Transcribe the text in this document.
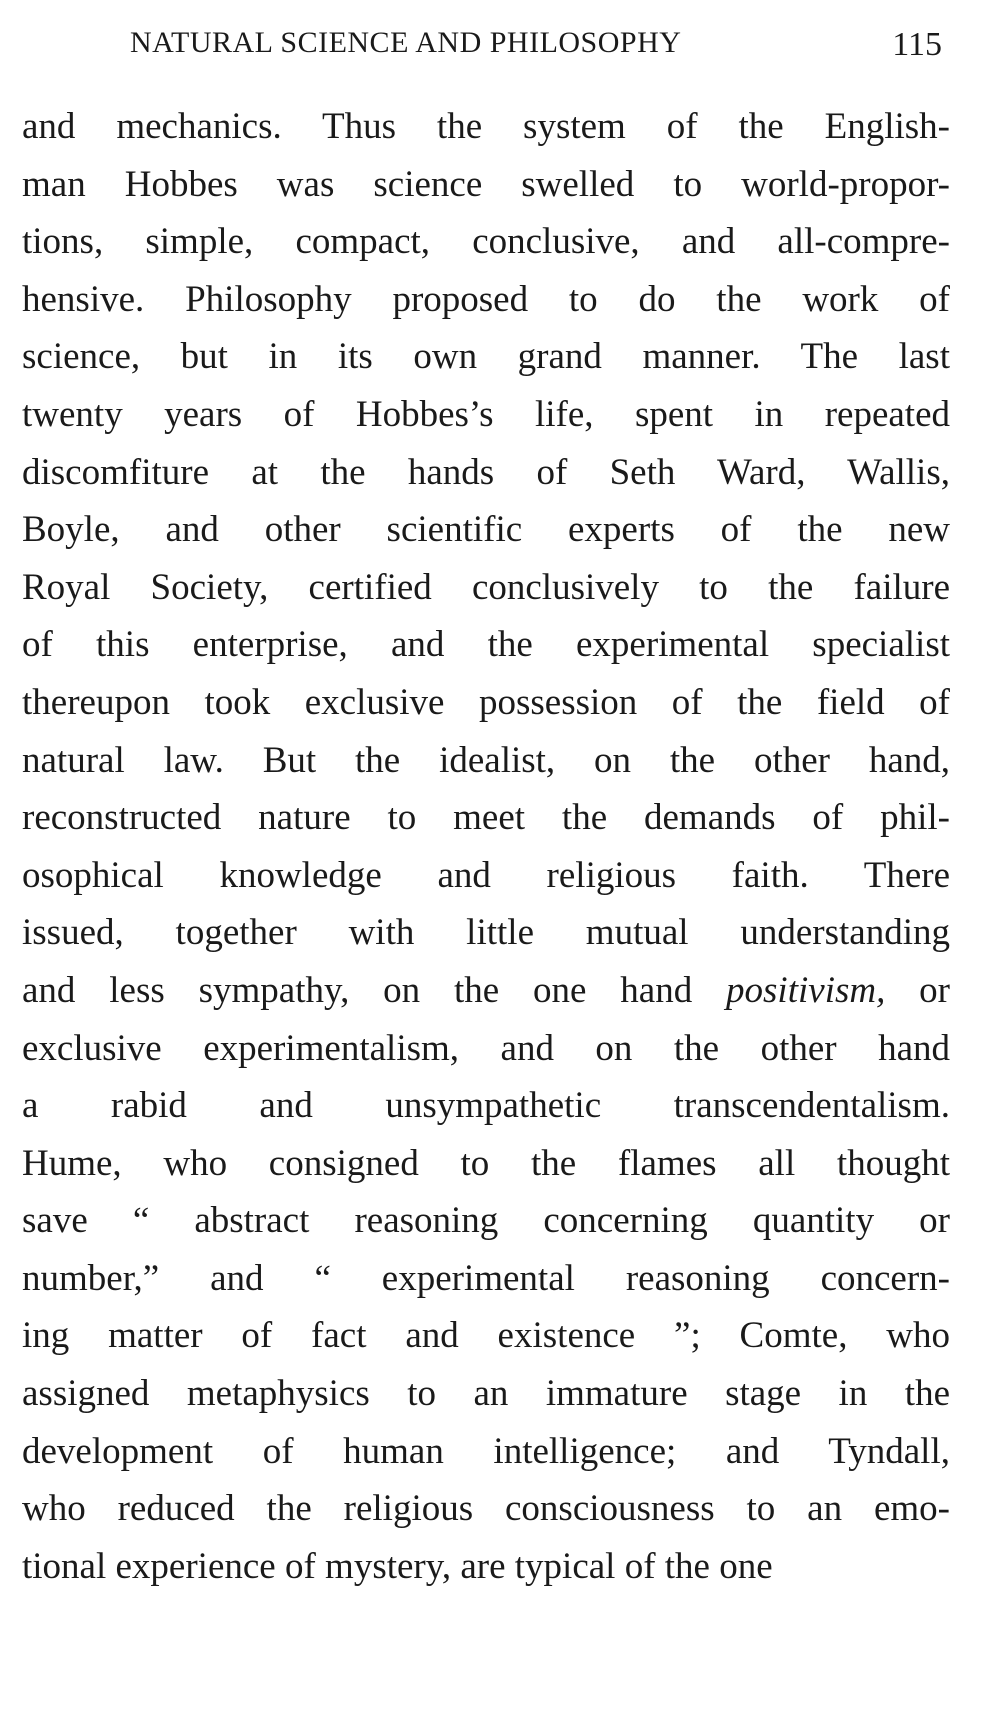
NATURAL SCIENCE AND PHILOSOPHY	115
and mechanics. Thus the system of the English-
man Hobbes was science swelled to world-propor-
tions, simple, compact, conclusive, and all-compre-
hensive. Philosophy proposed to do the work of
science, but in its own grand manner. The last
twenty years of Hobbes’s life, spent in repeated
discomfiture at the hands of Seth Ward, Wallis,
Boyle, and other scientific experts of the new
Royal Society, certified conclusively to the failure
of this enterprise, and the experimental specialist
thereupon took exclusive possession of the field of
natural law. But the idealist, on the other hand,
reconstructed nature to meet the demands of phil-
osophical knowledge and religious faith. There
issued, together with little mutual understanding
and less sympathy, on the one hand positivism, or
exclusive experimentalism, and on the other hand
a rabid and unsympathetic transcendentalism.
Hume, who consigned to the flames all thought
save “ abstract reasoning concerning quantity or
number,” and “ experimental reasoning concern-
ing matter of fact and existence ”; Comte, who
assigned metaphysics to an immature stage in the
development of human intelligence; and Tyndall,
who reduced the religious consciousness to an emo-
tional experience of mystery, are typical of the one
